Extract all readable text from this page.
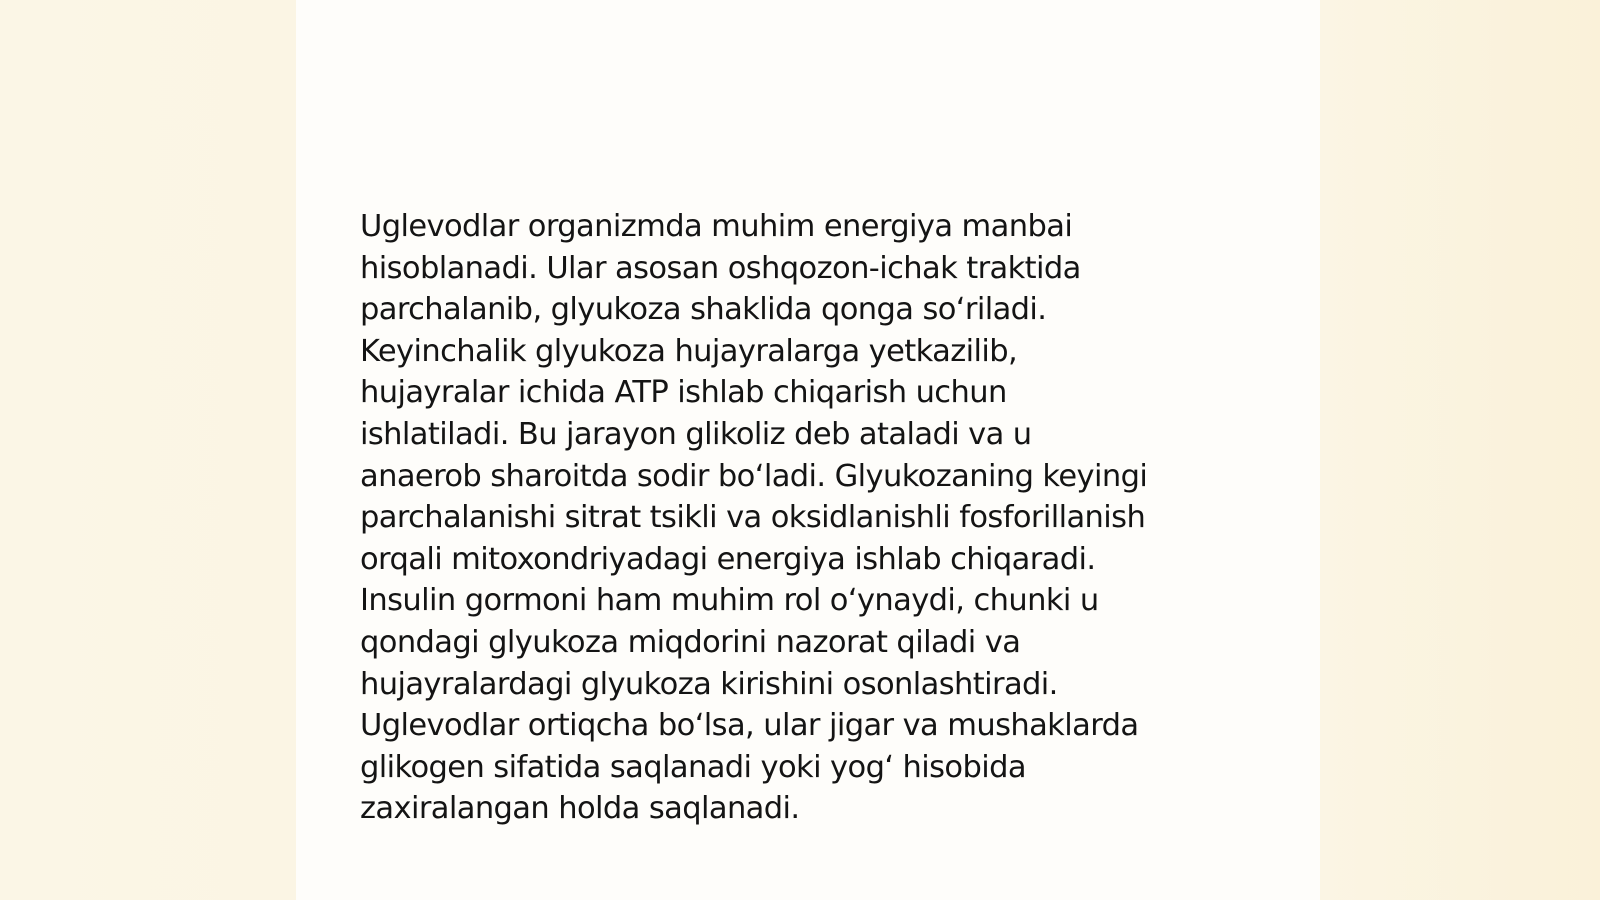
Uglevodlar organizmda muhim energiya manbai
hisoblanadi. Ular asosan oshqozon-ichak traktida
parchalanib, glyukoza shaklida qonga so‘riladi.
Keyinchalik glyukoza hujayralarga yetkazilib,
hujayralar ichida ATP ishlab chiqarish uchun
ishlatiladi. Bu jarayon glikoliz deb ataladi va u
anaerob sharoitda sodir bo‘ladi. Glyukozaning keyingi
parchalanishi sitrat tsikli va oksidlanishli fosforillanish
orqali mitoxondriyadagi energiya ishlab chiqaradi.
Insulin gormoni ham muhim rol o‘ynaydi, chunki u
qondagi glyukoza miqdorini nazorat qiladi va
hujayralardagi glyukoza kirishini osonlashtiradi.
Uglevodlar ortiqcha bo‘lsa, ular jigar va mushaklarda
glikogen sifatida saqlanadi yoki yog‘ hisobida
zaxiralangan holda saqlanadi.
